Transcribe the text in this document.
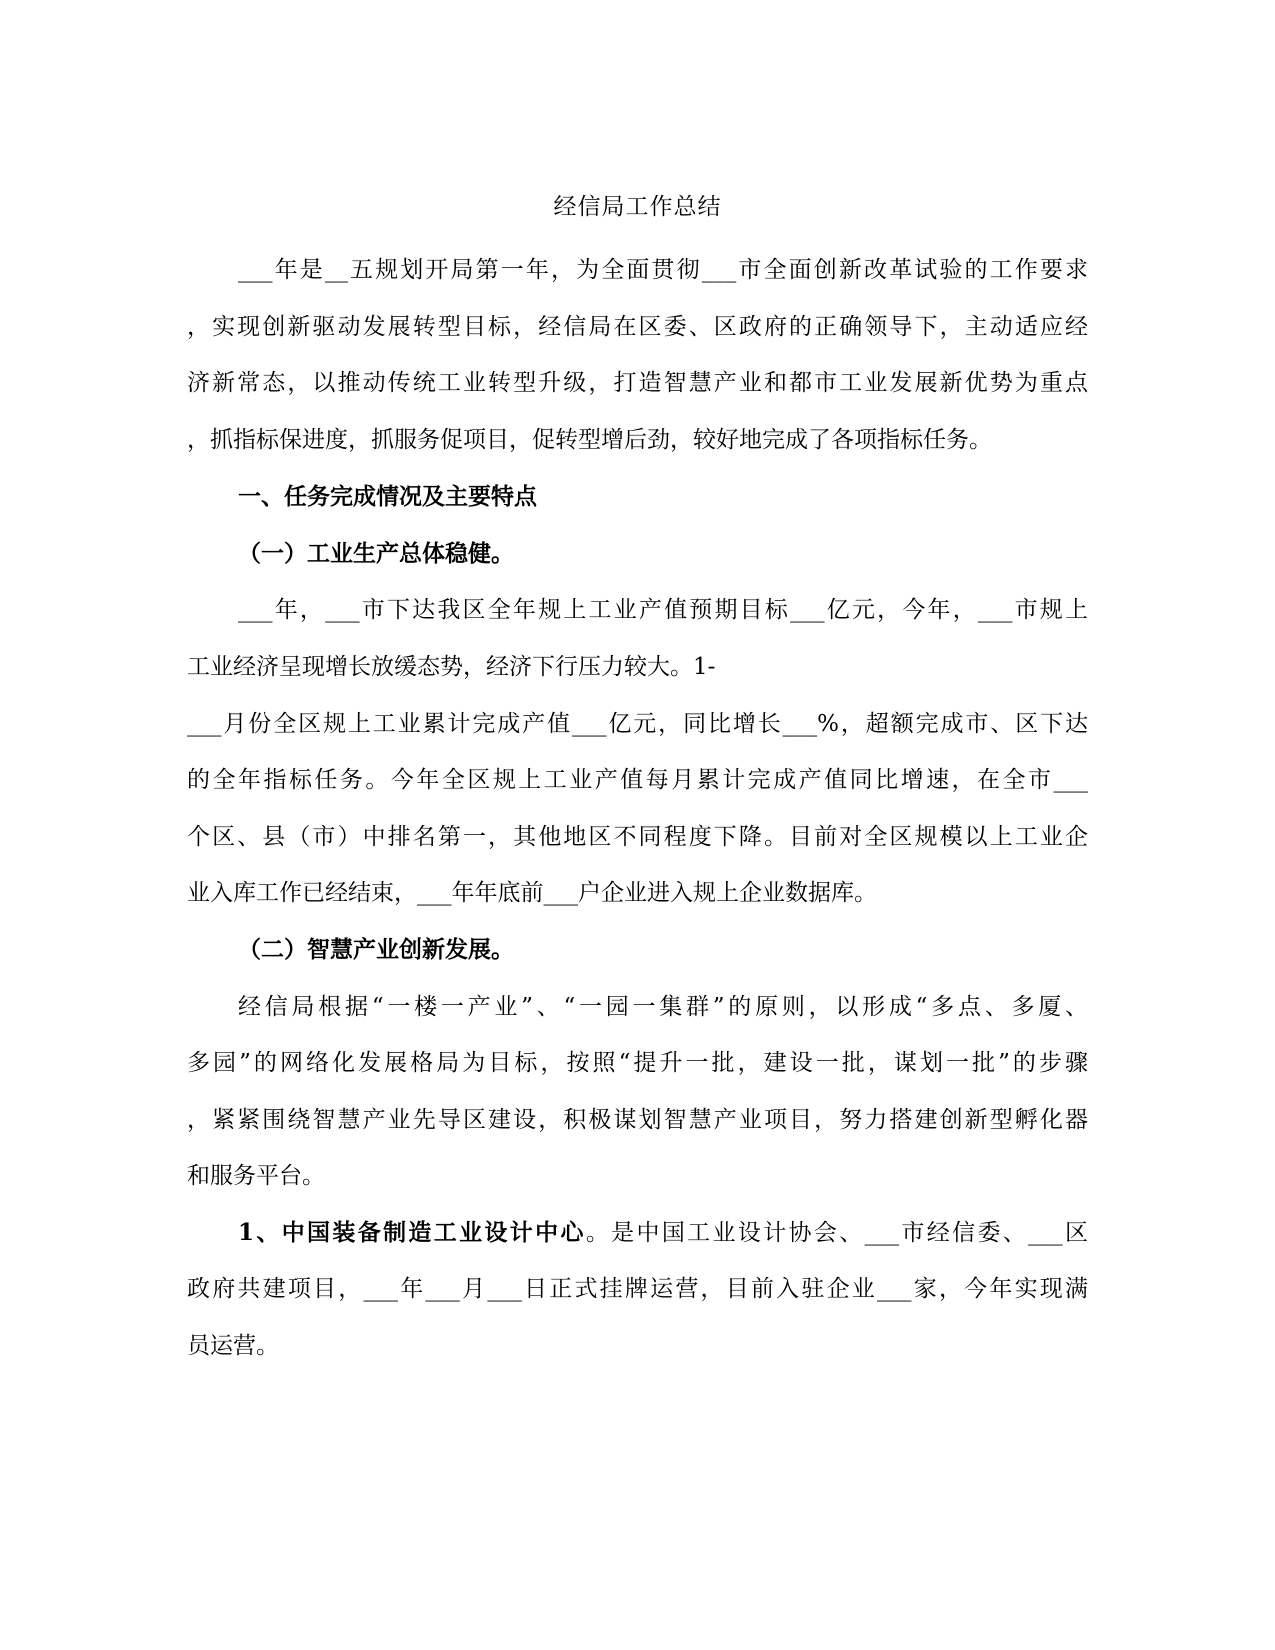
经信局工作总结
___年是__五规划开局第一年，为全面贯彻___市全面创新改革试验的工作要求
，实现创新驱动发展转型目标，经信局在区委、区政府的正确领导下，主动适应经
济新常态，以推动传统工业转型升级，打造智慧产业和都市工业发展新优势为重点
，抓指标保进度，抓服务促项目，促转型增后劲，较好地完成了各项指标任务。
一、任务完成情况及主要特点
（一）工业生产总体稳健。
___年，___市下达我区全年规上工业产值预期目标___亿元，今年，___市规上
工业经济呈现增长放缓态势，经济下行压力较大。1-
___月份全区规上工业累计完成产值___亿元，同比增长___%，超额完成市、区下达
的全年指标任务。今年全区规上工业产值每月累计完成产值同比增速，在全市___
个区、县（市）中排名第一，其他地区不同程度下降。目前对全区规模以上工业企
业入库工作已经结束，___年年底前___户企业进入规上企业数据库。
（二）智慧产业创新发展。
经信局根据“一楼一产业”、“一园一集群”的原则，以形成“多点、多厦、
多园”的网络化发展格局为目标，按照“提升一批，建设一批，谋划一批”的步骤
，紧紧围绕智慧产业先导区建设，积极谋划智慧产业项目，努力搭建创新型孵化器
和服务平台。
1、中国装备制造工业设计中心。是中国工业设计协会、___市经信委、___区
政府共建项目，___年___月___日正式挂牌运营，目前入驻企业___家，今年实现满
员运营。
